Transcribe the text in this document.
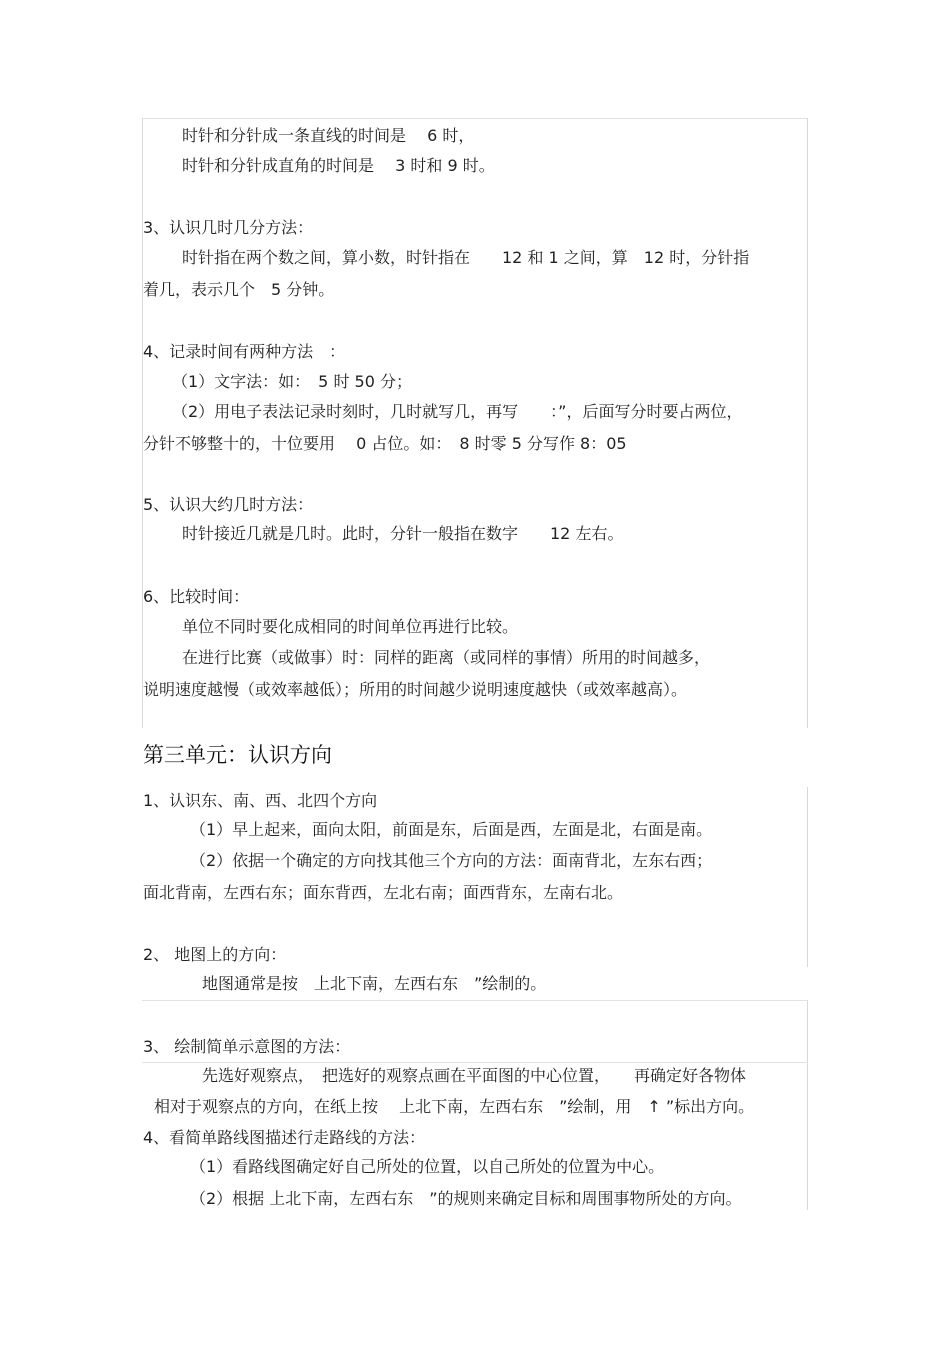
时针和分针成一条直线的时间是　 6 时，
时针和分针成直角的时间是　 3 时和 9 时。
3、认识几时几分方法：
时针指在两个数之间，算小数，时针指在　　12 和 1 之间，算　12 时，分针指
着几，表示几个　5 分钟。
4、记录时间有两种方法　：
（1）文字法：如：　5 时 50 分；
（2）用电子表法记录时刻时，几时就写几，再写　　：”，后面写分时要占两位，
分针不够整十的，十位要用　 0 占位。如：　8 时零 5 分写作 8：05
5、认识大约几时方法：
时针接近几就是几时。此时，分针一般指在数字　　12 左右。
6、比较时间：
单位不同时要化成相同的时间单位再进行比较。
在进行比赛（或做事）时：同样的距离（或同样的事情）所用的时间越多，
说明速度越慢（或效率越低）；所用的时间越少说明速度越快（或效率越高）。
第三单元：认识方向
1、认识东、南、西、北四个方向
（1）早上起来，面向太阳，前面是东，后面是西，左面是北，右面是南。
（2）依据一个确定的方向找其他三个方向的方法：面南背北，左东右西；
面北背南，左西右东；面东背西，左北右南；面西背东，左南右北。
2、 地图上的方向：
地图通常是按　上北下南，左西右东　”绘制的。
3、 绘制简单示意图的方法：
先选好观察点，　把选好的观察点画在平面图的中心位置，　　再确定好各物体
相对于观察点的方向，在纸上按　 上北下南，左西右东　”绘制，用　↑ ”标出方向。
4、看简单路线图描述行走路线的方法：
（1）看路线图确定好自己所处的位置，以自己所处的位置为中心。
（2）根据 上北下南，左西右东　”的规则来确定目标和周围事物所处的方向。
